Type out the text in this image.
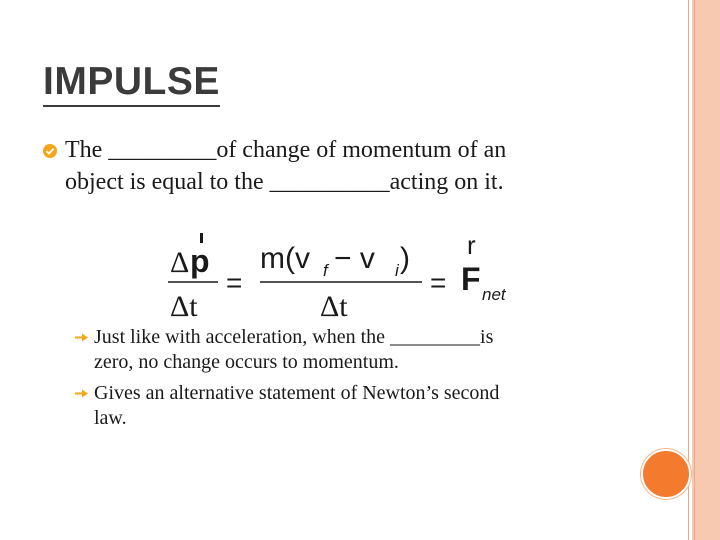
IMPULSE
The _________of change of momentum of an
object is equal to the __________acting on it.
Δ p
Δt
=
m(v f − v i )
Δt
=
r
F net
Just like with acceleration, when the _________is
zero, no change occurs to momentum.
Gives an alternative statement of Newton’s second
law.
